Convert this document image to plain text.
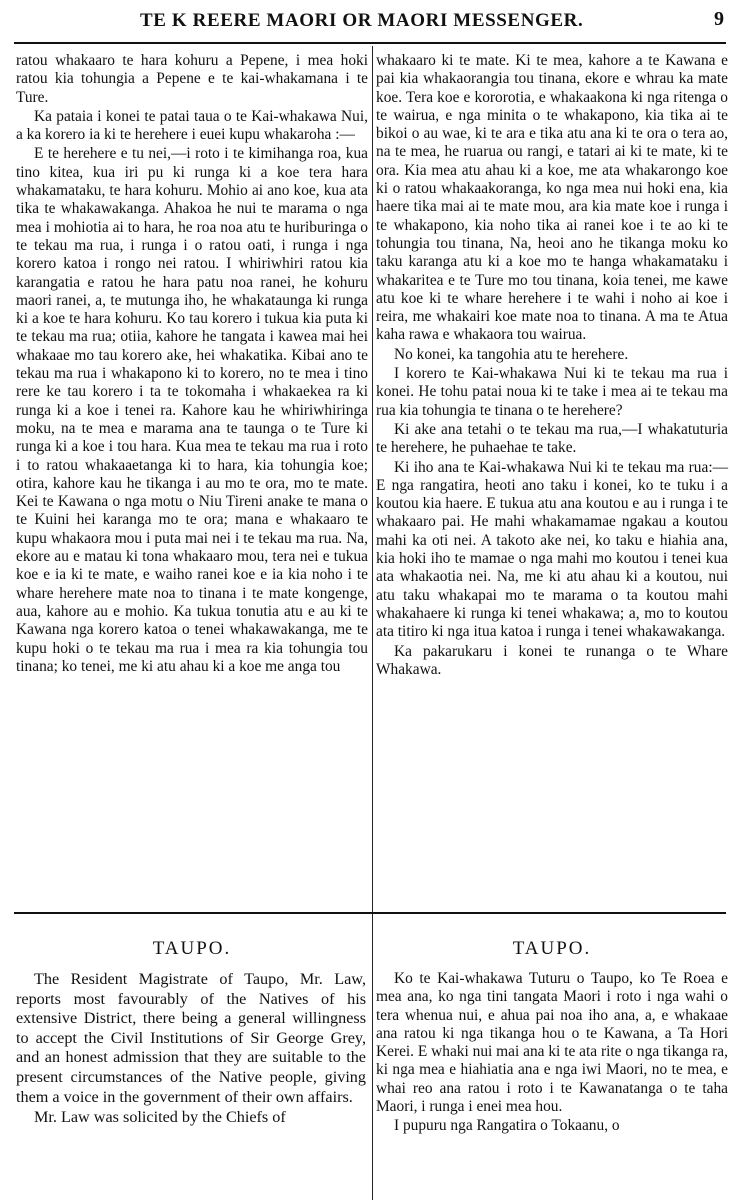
TE K REERE MAORI OR MAORI MESSENGER.	9

ratou whakaaro te hara kohuru a Pepene, i mea hoki ratou kia tohungia a Pepene e te kai-whakamana i te Ture.

Ka pataia i konei te patai taua o te Kai-whakawa Nui, a ka korero ia ki te herehere i euei kupu whakaroha :—

E te herehere e tu nei,—i roto i te kimihanga roa, kua tino kitea, kua iri pu ki runga ki a koe tera hara whakamataku, te hara kohuru. Mohio ai ano koe, kua ata tika te whakawakanga. Ahakoa he nui te marama o nga mea i mohiotia ai to hara, he roa noa atu te huriburinga o te tekau ma rua, i runga i o ratou oati, i runga i nga korero katoa i rongo nei ratou. I whiriwhiri ratou kia karangatia e ratou he hara patu noa ranei, he kohuru maori ranei, a, te mutunga iho, he whakataunga ki runga ki a koe te hara kohuru. Ko tau korero i tukua kia puta ki te tekau ma rua; otiia, kahore he tangata i kawea mai hei whakaae mo tau korero ake, hei whakatika. Kibai ano te tekau ma rua i whakapono ki to korero, no te mea i tino rere ke tau korero i ta te tokomaha i whakaekea ra ki runga ki a koe i tenei ra. Kahore kau he whiriwhiringa moku, na te mea e marama ana te taunga o te Ture ki runga ki a koe i tou hara. Kua mea te tekau ma rua i roto i to ratou whakaaetanga ki to hara, kia tohungia koe; otira, kahore kau he tikanga i au mo te ora, mo te mate. Kei te Kawana o nga motu o Niu Tireni anake te mana o te Kuini hei karanga mo te ora; mana e whakaaro te kupu whakaora mou i puta mai nei i te tekau ma rua. Na, ekore au e matau ki tona whakaaro mou, tera nei e tukua koe e ia ki te mate, e waiho ranei koe e ia kia noho i te whare herehere mate noa to tinana i te mate kongenge, aua, kahore au e mohio. Ka tukua tonutia atu e au ki te Kawana nga korero katoa o tenei whakawakanga, me te kupu hoki o te tekau ma rua i mea ra kia tohungia tou tinana; ko tenei, me ki atu ahau ki a koe me anga tou

whakaaro ki te mate. Ki te mea, kahore a te Kawana e pai kia whakaorangia tou tinana, ekore e whrau ka mate koe. Tera koe e kororotia, e whakaakona ki nga ritenga o te wairua, e nga minita o te whakapono, kia tika ai te bikoi o au wae, ki te ara e tika atu ana ki te ora o tera ao, na te mea, he ruarua ou rangi, e tatari ai ki te mate, ki te ora. Kia mea atu ahau ki a koe, me ata whakarongo koe ki o ratou whakaakoranga, ko nga mea nui hoki ena, kia haere tika mai ai te mate mou, ara kia mate koe i runga i te whakapono, kia noho tika ai ranei koe i te ao ki te tohungia tou tinana, Na, heoi ano he tikanga moku ko taku karanga atu ki a koe mo te hanga whakamataku i whakaritea e te Ture mo tou tinana, koia tenei, me kawe atu koe ki te whare herehere i te wahi i noho ai koe i reira, me whakairi koe mate noa to tinana. A ma te Atua kaha rawa e whakaora tou wairua.

No konei, ka tangohia atu te herehere.

I korero te Kai-whakawa Nui ki te tekau ma rua i konei. He tohu patai noua ki te take i mea ai te tekau ma rua kia tohungia te tinana o te herehere?

Ki ake ana tetahi o te tekau ma rua,—I whakatuturia te herehere, he puhaehae te take.

Ki iho ana te Kai-whakawa Nui ki te tekau ma rua:—E nga rangatira, heoti ano taku i konei, ko te tuku i a koutou kia haere. E tukua atu ana koutou e au i runga i te whakaaro pai. He mahi whakamamae ngakau a koutou mahi ka oti nei. A takoto ake nei, ko taku e hiahia ana, kia hoki iho te mamae o nga mahi mo koutou i tenei kua ata whakaotia nei. Na, me ki atu ahau ki a koutou, nui atu taku whakapai mo te marama o ta koutou mahi whakahaere ki runga ki tenei whakawa; a, mo to koutou ata titiro ki nga itua katoa i runga i tenei whakawakanga.

Ka pakarukaru i konei te runanga o te Whare Whakawa.

TAUPO.	TAUPO.

The Resident Magistrate of Taupo, Mr. Law, reports most favourably of the Natives of his extensive District, there being a general willingness to accept the Civil Institutions of Sir George Grey, and an honest admission that they are suitable to the present circumstances of the Native people, giving them a voice in the government of their own affairs.

Mr. Law was solicited by the Chiefs of

Ko te Kai-whakawa Tuturu o Taupo, ko Te Roea e mea ana, ko nga tini tangata Maori i roto i nga wahi o tera whenua nui, e ahua pai noa iho ana, a, e whakaae ana ratou ki nga tikanga hou o te Kawana, a Ta Hori Kerei. E whaki nui mai ana ki te ata rite o nga tikanga ra, ki nga mea e hiahiatia ana e nga iwi Maori, no te mea, e whai reo ana ratou i roto i te Kawanatanga o te taha Maori, i runga i enei mea hou.

I pupuru nga Rangatira o Tokaanu, o
